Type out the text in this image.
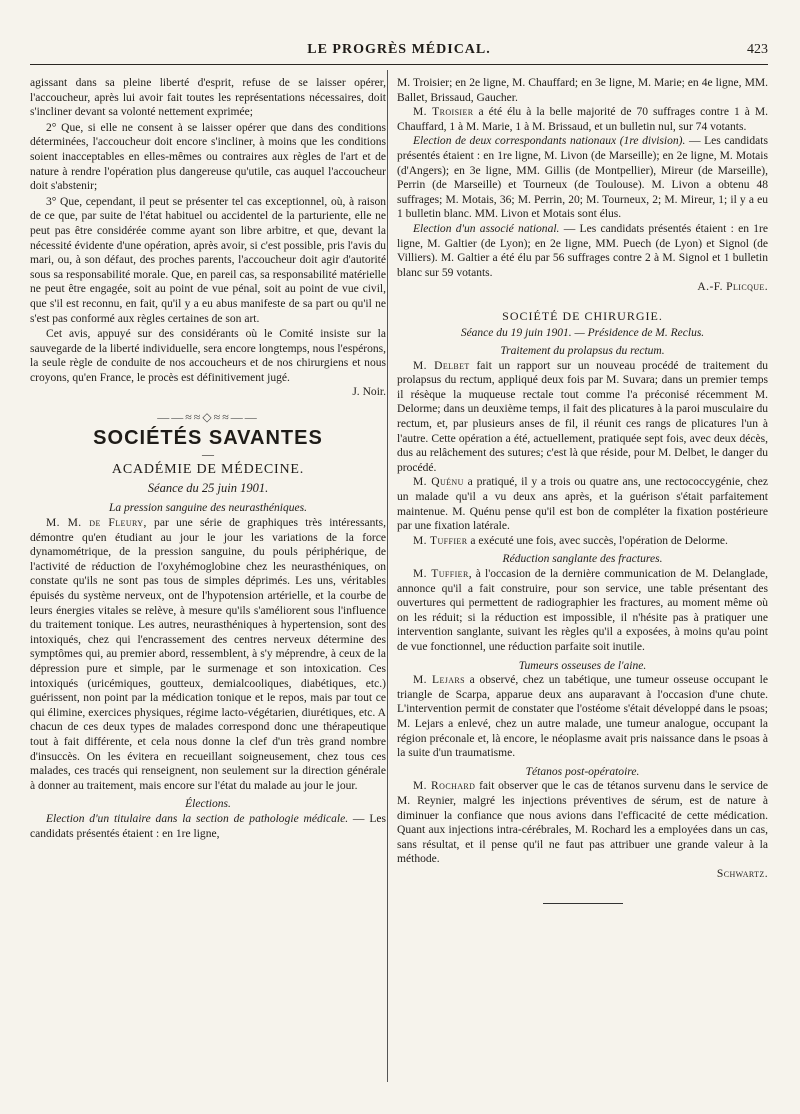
LE PROGRÈS MÉDICAL.	423

agissant dans sa pleine liberté d'esprit, refuse de se laisser opérer, l'accoucheur, après lui avoir fait toutes les représentations nécessaires, doit s'incliner devant sa volonté nettement exprimée;

2° Que, si elle ne consent à se laisser opérer que dans des conditions déterminées, l'accoucheur doit encore s'incliner, à moins que les conditions soient inacceptables en elles-mêmes ou contraires aux règles de l'art et de nature à rendre l'opération plus dangereuse qu'utile, cas auquel l'accoucheur doit s'abstenir;

3° Que, cependant, il peut se présenter tel cas exceptionnel, où, à raison de ce que, par suite de l'état habituel ou accidentel de la parturiente, elle ne peut pas être considérée comme ayant son libre arbitre, et que, devant la nécessité évidente d'une opération, après avoir, si c'est possible, pris l'avis du mari, ou, à son défaut, des proches parents, l'accoucheur doit agir d'autorité sous sa responsabilité morale. Que, en pareil cas, sa responsabilité matérielle ne peut être engagée, soit au point de vue pénal, soit au point de vue civil, que s'il est reconnu, en fait, qu'il y a eu abus manifeste de sa part ou qu'il ne s'est pas conformé aux règles certaines de son art.

Cet avis, appuyé sur des considérants où le Comité insiste sur la sauvegarde de la liberté individuelle, sera encore longtemps, nous l'espérons, la seule règle de conduite de nos accoucheurs et de nos chirurgiens et nous croyons, qu'en France, le procès est définitivement jugé.

J. Noir.

——≈≈◇≈≈——
SOCIÉTÉS SAVANTES
—
ACADÉMIE DE MÉDECINE.
Séance du 25 juin 1901.
La pression sanguine des neurasthéniques.

M. M. de Fleury, par une série de graphiques très intéressants, démontre qu'en étudiant au jour le jour les variations de la force dynamométrique, de la pression sanguine, du pouls périphérique, de l'activité de réduction de l'oxyhémoglobine chez les neurasthéniques, on constate qu'ils ne sont pas tous de simples déprimés. Les uns, véritables épuisés du système nerveux, ont de l'hypotension artérielle, et la courbe de leurs énergies vitales se relève, à mesure qu'ils s'améliorent sous l'influence du traitement tonique. Les autres, neurasthéniques à hypertension, sont des intoxiqués, chez qui l'encrassement des centres nerveux détermine des symptômes qui, au premier abord, ressemblent, à s'y méprendre, à ceux de la dépression pure et simple, par le surmenage et son intoxication. Ces intoxiqués (uricémiques, goutteux, demialcooliques, diabétiques, etc.) guérissent, non point par la médication tonique et le repos, mais par tout ce qui élimine, exercices physiques, régime lacto-végétarien, diurétiques, etc. A chacun de ces deux types de malades correspond donc une thérapeutique tout à fait différente, et cela nous donne la clef d'un très grand nombre d'insuccès. On les évitera en recueillant soigneusement, chez tous ces malades, ces tracés qui renseignent, non seulement sur la direction générale à donner au traitement, mais encore sur l'état du malade au jour le jour.

Élections.

Election d'un titulaire dans la section de pathologie médicale. — Les candidats présentés étaient : en 1re ligne,

M. Troisier; en 2e ligne, M. Chauffard; en 3e ligne, M. Marie; en 4e ligne, MM. Ballet, Brissaud, Gaucher.

M. Troisier a été élu à la belle majorité de 70 suffrages contre 1 à M. Chauffard, 1 à M. Marie, 1 à M. Brissaud, et un bulletin nul, sur 74 votants.

Election de deux correspondants nationaux (1re division). — Les candidats présentés étaient : en 1re ligne, M. Livon (de Marseille); en 2e ligne, M. Motais (d'Angers); en 3e ligne, MM. Gillis (de Montpellier), Mireur (de Marseille), Perrin (de Marseille) et Tourneux (de Toulouse). M. Livon a obtenu 48 suffrages; M. Motais, 36; M. Perrin, 20; M. Tourneux, 2; M. Mireur, 1; il y a eu 1 bulletin blanc. MM. Livon et Motais sont élus.

Election d'un associé national. — Les candidats présentés étaient : en 1re ligne, M. Galtier (de Lyon); en 2e ligne, MM. Puech (de Lyon) et Signol (de Villiers). M. Galtier a été élu par 56 suffrages contre 2 à M. Signol et 1 bulletin blanc sur 59 votants.

A.-F. Plicque.

SOCIÉTÉ DE CHIRURGIE.
Séance du 19 juin 1901. — Présidence de M. Reclus.
Traitement du prolapsus du rectum.

M. Delbet fait un rapport sur un nouveau procédé de traitement du prolapsus du rectum, appliqué deux fois par M. Suvara; dans un premier temps il résèque la muqueuse rectale tout comme l'a préconisé récemment M. Delorme; dans un deuxième temps, il fait des plicatures à la paroi musculaire du rectum, et, par plusieurs anses de fil, il réunit ces rangs de plicatures l'un à l'autre. Cette opération a été, actuellement, pratiquée sept fois, avec deux décès, dus au relâchement des sutures; c'est là que réside, pour M. Delbet, le danger du procédé.

M. Quénu a pratiqué, il y a trois ou quatre ans, une rectococcygénie, chez un malade qu'il a vu deux ans après, et la guérison s'était parfaitement maintenue. M. Quénu pense qu'il est bon de compléter la fixation postérieure par une fixation latérale.

M. Tuffier a exécuté une fois, avec succès, l'opération de Delorme.

Réduction sanglante des fractures.

M. Tuffier, à l'occasion de la dernière communication de M. Delanglade, annonce qu'il a fait construire, pour son service, une table présentant des ouvertures qui permettent de radiographier les fractures, au moment même où on les réduit; si la réduction est impossible, il n'hésite pas à pratiquer une intervention sanglante, suivant les règles qu'il a exposées, à moins qu'au point de vue fonctionnel, une réduction parfaite soit inutile.

Tumeurs osseuses de l'aine.

M. Lejars a observé, chez un tabétique, une tumeur osseuse occupant le triangle de Scarpa, apparue deux ans auparavant à l'occasion d'une chute. L'intervention permit de constater que l'ostéome s'était développé dans le psoas; M. Lejars a enlevé, chez un autre malade, une tumeur analogue, occupant la région préconale et, là encore, le néoplasme avait pris naissance dans le psoas à la suite d'un traumatisme.

Tétanos post-opératoire.

M. Rochard fait observer que le cas de tétanos survenu dans le service de M. Reynier, malgré les injections préventives de sérum, est de nature à diminuer la confiance que nous avions dans l'efficacité de cette médication. Quant aux injections intra-cérébrales, M. Rochard les a employées dans un cas, sans résultat, et il pense qu'il ne faut pas attribuer une grande valeur à la méthode.

Schwartz.
